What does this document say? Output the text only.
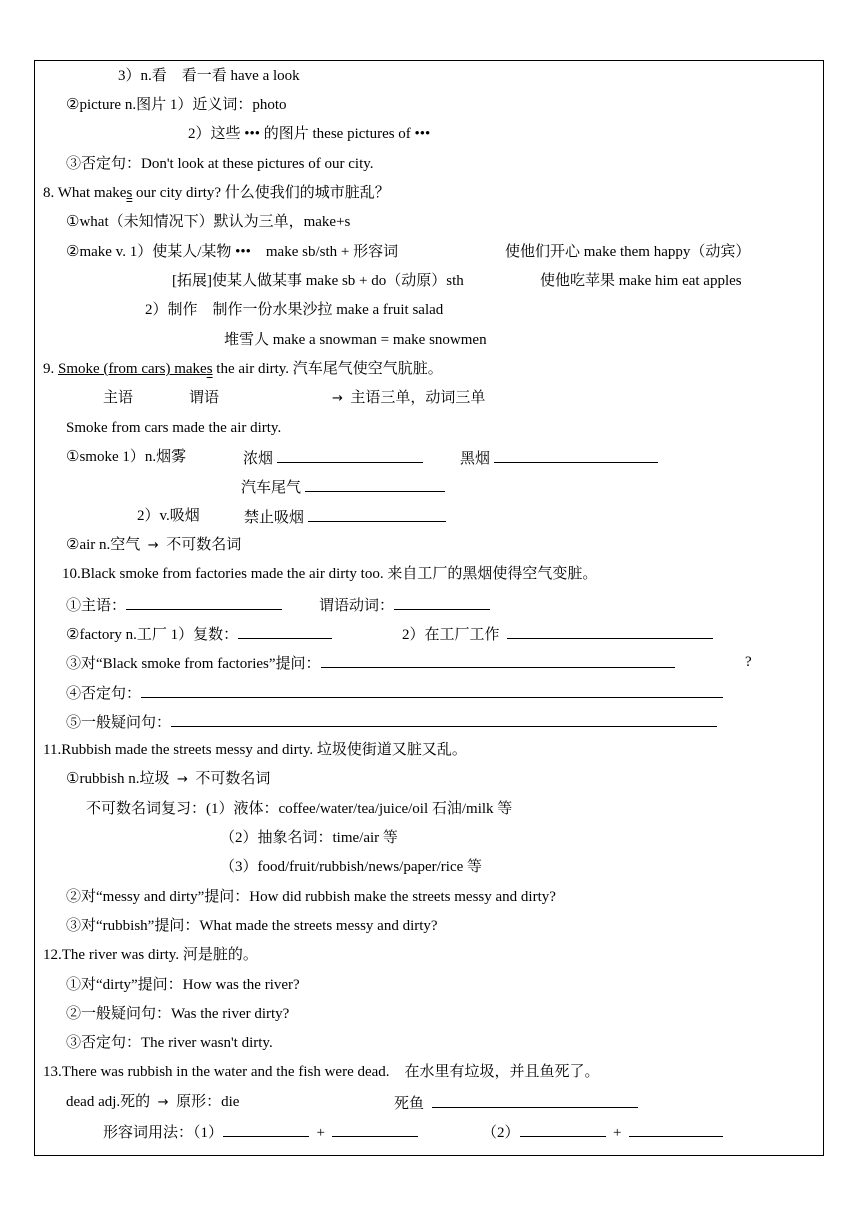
3）n.看　看一看 have a look
②picture n.图片 1）近义词：photo
2）这些 ••• 的图片 these pictures of •••
③否定句：Don't look at these pictures of our city.
8. What makes our city dirty? 什么使我们的城市脏乱？
①what（未知情况下）默认为三单，make+s
②make v. 1）使某人/某物 •••　make sb/sth + 形容词	使他们开心 make them happy（动宾）
[拓展]使某人做某事 make sb + do（动原）sth	使他吃苹果 make him eat apples
2）制作　制作一份水果沙拉 make a fruit salad
堆雪人 make a snowman = make snowmen
9. Smoke (from cars) makes the air dirty. 汽车尾气使空气肮脏。
主语	谓语	→ 主语三单，动词三单
Smoke from cars made the air dirty.
①smoke 1）n.烟雾	浓烟	黑烟
汽车尾气
2）v.吸烟	禁止吸烟
②air n.空气 → 不可数名词
10.Black smoke from factories made the air dirty too. 来自工厂的黑烟使得空气变脏。
①主语：	谓语动词：
②factory n.工厂 1）复数：	2）在工厂工作
③对“Black smoke from factories”提问：	?
④否定句：
⑤一般疑问句：
11.Rubbish made the streets messy and dirty. 垃圾使街道又脏又乱。
①rubbish n.垃圾 → 不可数名词
不可数名词复习：(1）液体：coffee/water/tea/juice/oil 石油/milk 等
（2）抽象名词：time/air 等
（3）food/fruit/rubbish/news/paper/rice 等
②对“messy and dirty”提问：How did rubbish make the streets messy and dirty?
③对“rubbish”提问：What made the streets messy and dirty?
12.The river was dirty. 河是脏的。
①对“dirty”提问：How was the river?
②一般疑问句：Was the river dirty?
③否定句：The river wasn't dirty.
13.There was rubbish in the water and the fish were dead.　在水里有垃圾，并且鱼死了。
dead adj.死的 → 原形：die	死鱼
形容词用法：（1）	+	（2）	+
